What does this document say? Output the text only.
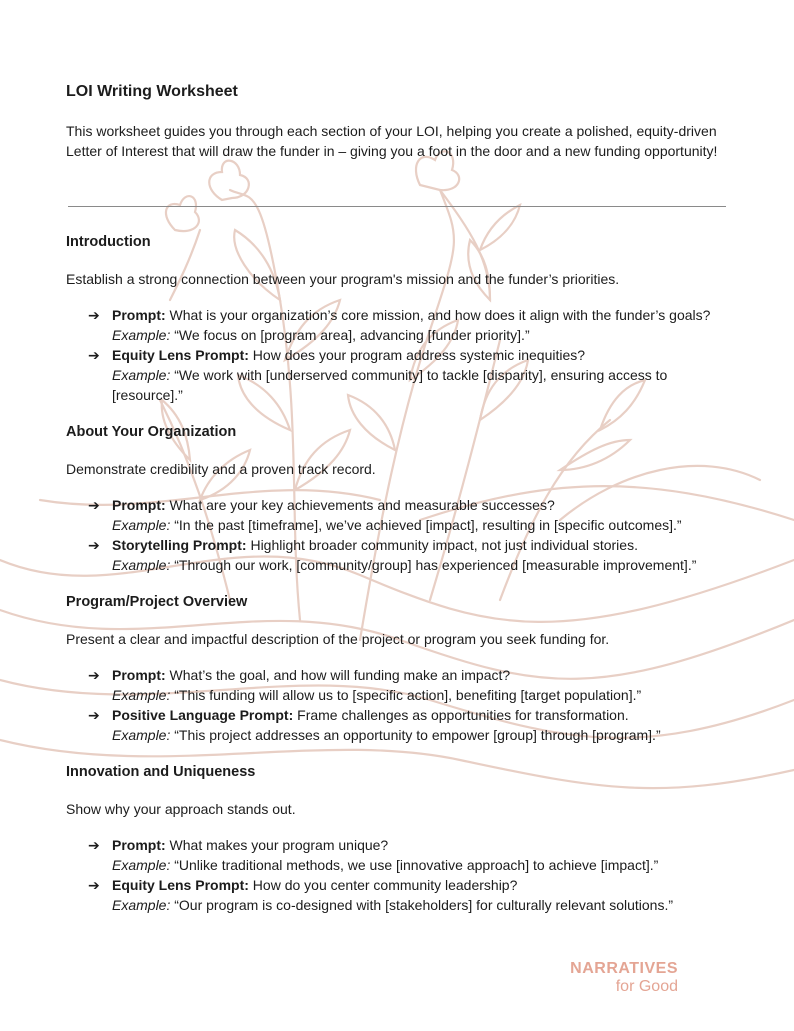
LOI Writing Worksheet

This worksheet guides you through each section of your LOI, helping you create a polished, equity-driven Letter of Interest that will draw the funder in – giving you a foot in the door and a new funding opportunity!

Introduction

Establish a strong connection between your program's mission and the funder’s priorities.

➔ Prompt: What is your organization’s core mission, and how does it align with the funder’s goals?
Example: “We focus on [program area], advancing [funder priority].”
➔ Equity Lens Prompt: How does your program address systemic inequities?
Example: “We work with [underserved community] to tackle [disparity], ensuring access to [resource].”
About Your Organization

Demonstrate credibility and a proven track record.

➔ Prompt: What are your key achievements and measurable successes?
Example: “In the past [timeframe], we’ve achieved [impact], resulting in [specific outcomes].”
➔ Storytelling Prompt: Highlight broader community impact, not just individual stories.
Example: “Through our work, [community/group] has experienced [measurable improvement].”
Program/Project Overview

Present a clear and impactful description of the project or program you seek funding for.

➔ Prompt: What’s the goal, and how will funding make an impact?
Example: “This funding will allow us to [specific action], benefiting [target population].”
➔ Positive Language Prompt: Frame challenges as opportunities for transformation.
Example: “This project addresses an opportunity to empower [group] through [program].”
Innovation and Uniqueness

Show why your approach stands out.

➔ Prompt: What makes your program unique?
Example: “Unlike traditional methods, we use [innovative approach] to achieve [impact].”
➔ Equity Lens Prompt: How do you center community leadership?
Example: “Our program is co-designed with [stakeholders] for culturally relevant solutions.”
NARRATIVES
for Good
